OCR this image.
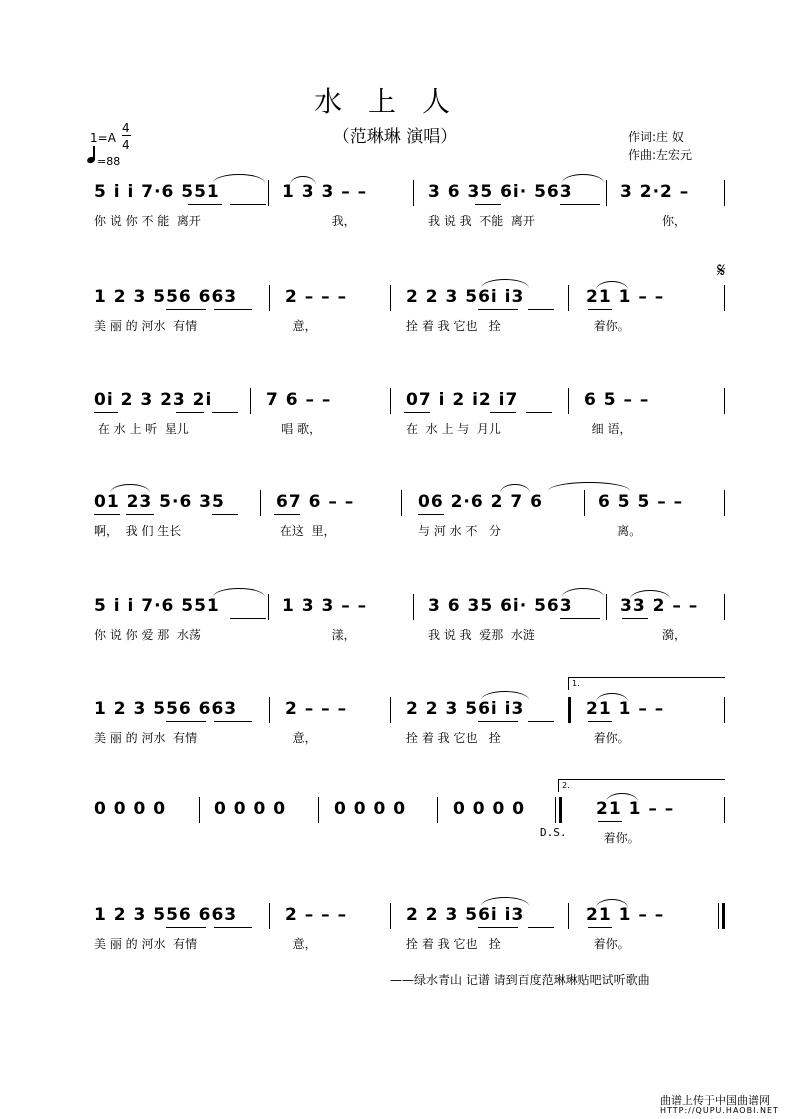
水上人
（范琳琳 演唱）	作词:庄 奴
作曲:左宏元
1=A
4
4
=88
𝄋
5 i i 7·6 551
你 说 你 不 能  离开
1 3 3 – –
我，
3 6 35 6i· 563
我 说 我  不能  离开
3 2·2 –
你，
1 2 3 556 663
美 丽 的 河水  有情
2 – – –
意，
2 2 3 56i i3
拴 着 我 它也   拴
21 1 – –
着你。
0i 2 3 23 2i
在 水 上 听  星儿
7 6 – –
唱 歌，
07 i 2 i2 i7
在  水 上 与  月儿
6 5 – –
细 语，
01 23 5·6 35
啊，  我 们 生长
67 6 – –
在这  里，
06 2·6 2 7 6
与 河 水 不   分
6 5 5 – –
离。
5 i i 7·6 551
你 说 你 爱 那  水荡
1 3 3 – –
漾，
3 6 35 6i· 563
我 说 我  爱那  水涟
33 2 – –
漪，
1 2 3 556 663
美 丽 的 河水  有情
2 – – –
意，
2 2 3 56i i3
拴 着 我 它也   拴
21 1 – –
着你。
1.
0 0 0 0	0 0 0 0	0 0 0 0	0 0 0 0	21 1 – –
着你。
2.
D.S.
1 2 3 556 663
美 丽 的 河水  有情
2 – – –
意，
2 2 3 56i i3
拴 着 我 它也   拴
21 1 – –
着你。
——绿水青山 记谱 请到百度范琳琳贴吧试听歌曲
曲谱上传于中国曲谱网
HTTP://QUPU.HAOBI.NET
